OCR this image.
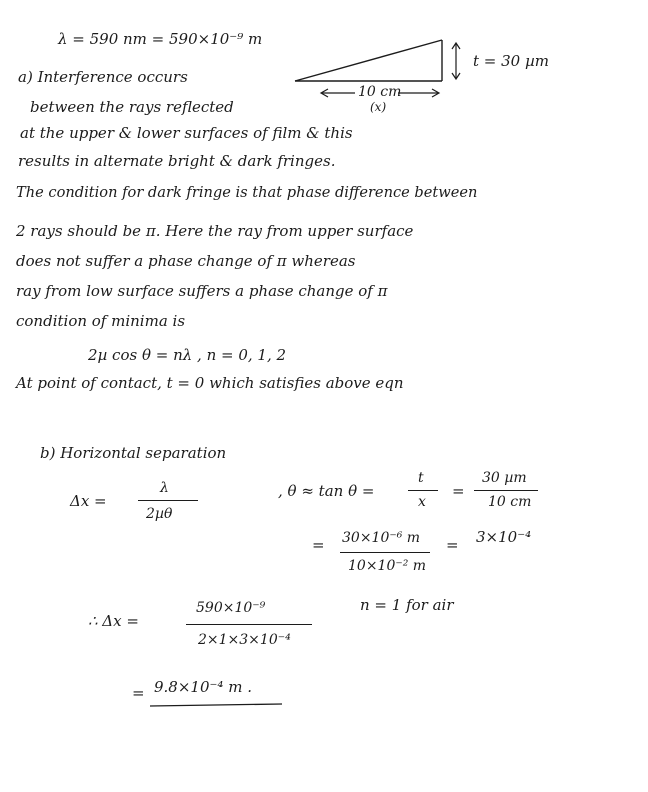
λ = 590 nm = 590×10⁻⁹ m
t = 30 µm
10 cm
(x)
a) Interference occurs
between the rays reflected
at the upper & lower surfaces of film & this
results in alternate bright & dark fringes.
The condition for dark fringe is that phase difference between
2 rays should be π. Here the ray from upper surface
does not suffer a phase change of π whereas
ray from low surface suffers a phase change of π
condition of minima is
2µ cos θ = nλ , n = 0, 1, 2
At point of contact, t = 0 which satisfies above eqn
b) Horizontal separation
Δx =
λ
2µθ
, θ ≈ tan θ =
t
x
=
30 µm
10 cm
= 30×10⁻⁶ m
10×10⁻² m
= 3×10⁻⁴
∴ Δx =
590×10⁻⁹
2×1×3×10⁻⁴
n = 1 for air
= 9.8×10⁻⁴ m .
